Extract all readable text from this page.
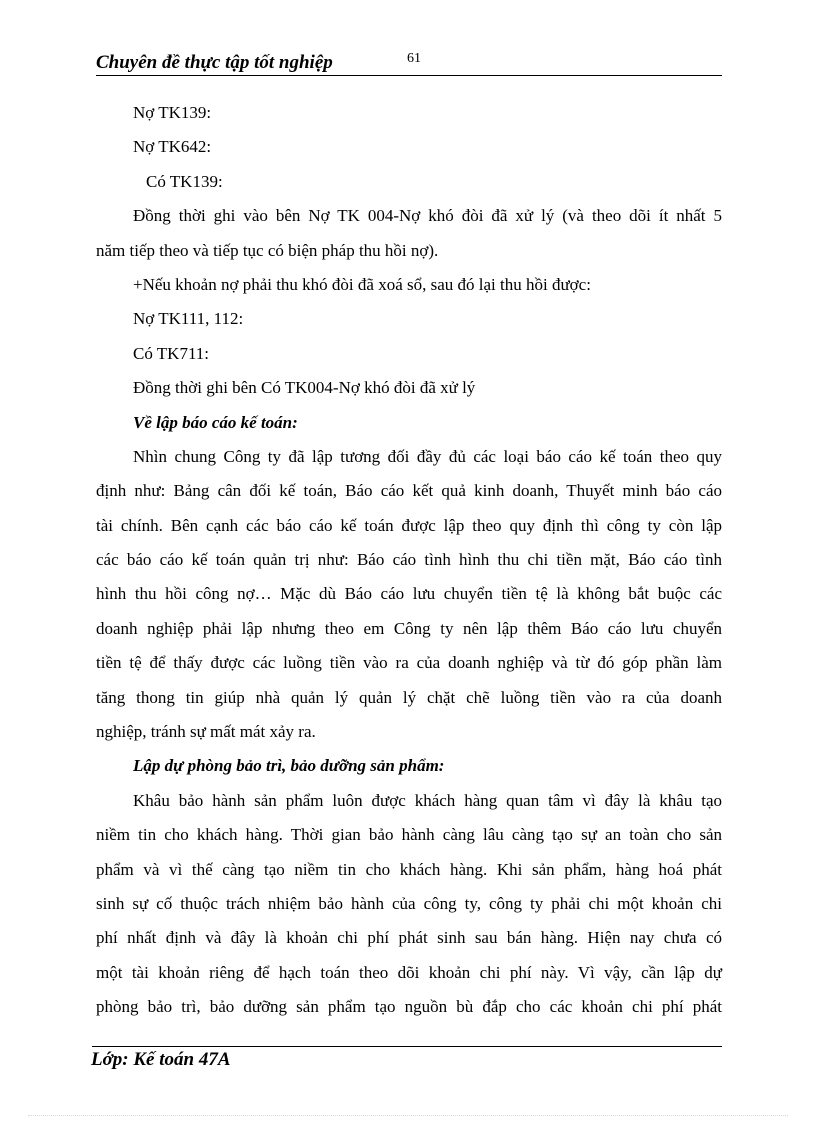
Chuyên đề thực tập tốt nghiệp	61
Nợ TK139:
Nợ TK642:
Có TK139:
Đồng thời ghi vào bên Nợ TK 004-Nợ khó đòi đã xử lý (và theo dõi ít nhất 5
năm tiếp theo và tiếp tục có biện pháp thu hồi nợ).
+Nếu khoản nợ phải thu khó đòi đã xoá sổ, sau đó lại thu hồi được:
Nợ TK111, 112:
Có TK711:
Đồng thời ghi bên Có TK004-Nợ khó đòi đã xử lý
Về lập báo cáo kế toán:
Nhìn chung Công ty đã lập tương đối đầy đủ các loại báo cáo kế toán theo quy
định như: Bảng cân đối kế toán, Báo cáo kết quả kinh doanh, Thuyết minh báo cáo
tài chính. Bên cạnh các báo cáo kế toán được lập theo quy định thì công ty còn lập
các báo cáo kế toán quản trị như: Báo cáo tình hình thu chi tiền mặt, Báo cáo tình
hình thu hồi công nợ… Mặc dù Báo cáo lưu chuyển tiền tệ là không bắt buộc các
doanh nghiệp phải lập nhưng theo em Công ty nên lập thêm Báo cáo lưu chuyển
tiền tệ để thấy được các luồng tiền vào ra của doanh nghiệp và từ đó góp phần làm
tăng thong tin giúp nhà quản lý quản lý chặt chẽ luồng tiền vào ra của doanh
nghiệp, tránh sự mất mát xảy ra.
Lập dự phòng bảo trì, bảo dưỡng sản phẩm:
Khâu bảo hành sản phẩm luôn được khách hàng quan tâm vì đây là khâu tạo
niềm tin cho khách hàng. Thời gian bảo hành càng lâu càng tạo sự an toàn cho sản
phẩm và vì thế càng tạo niềm tin cho khách hàng. Khi sản phẩm, hàng hoá phát
sinh sự cố thuộc trách nhiệm bảo hành của công ty, công ty phải chi một khoản chi
phí nhất định và đây là khoản chi phí phát sinh sau bán hàng. Hiện nay chưa có
một tài khoản riêng để hạch toán theo dõi khoản chi phí này. Vì vậy, cần lập dự
phòng bảo trì, bảo dưỡng sản phẩm tạo nguồn bù đắp cho các khoản chi phí phát
Lớp: Kế toán 47A
